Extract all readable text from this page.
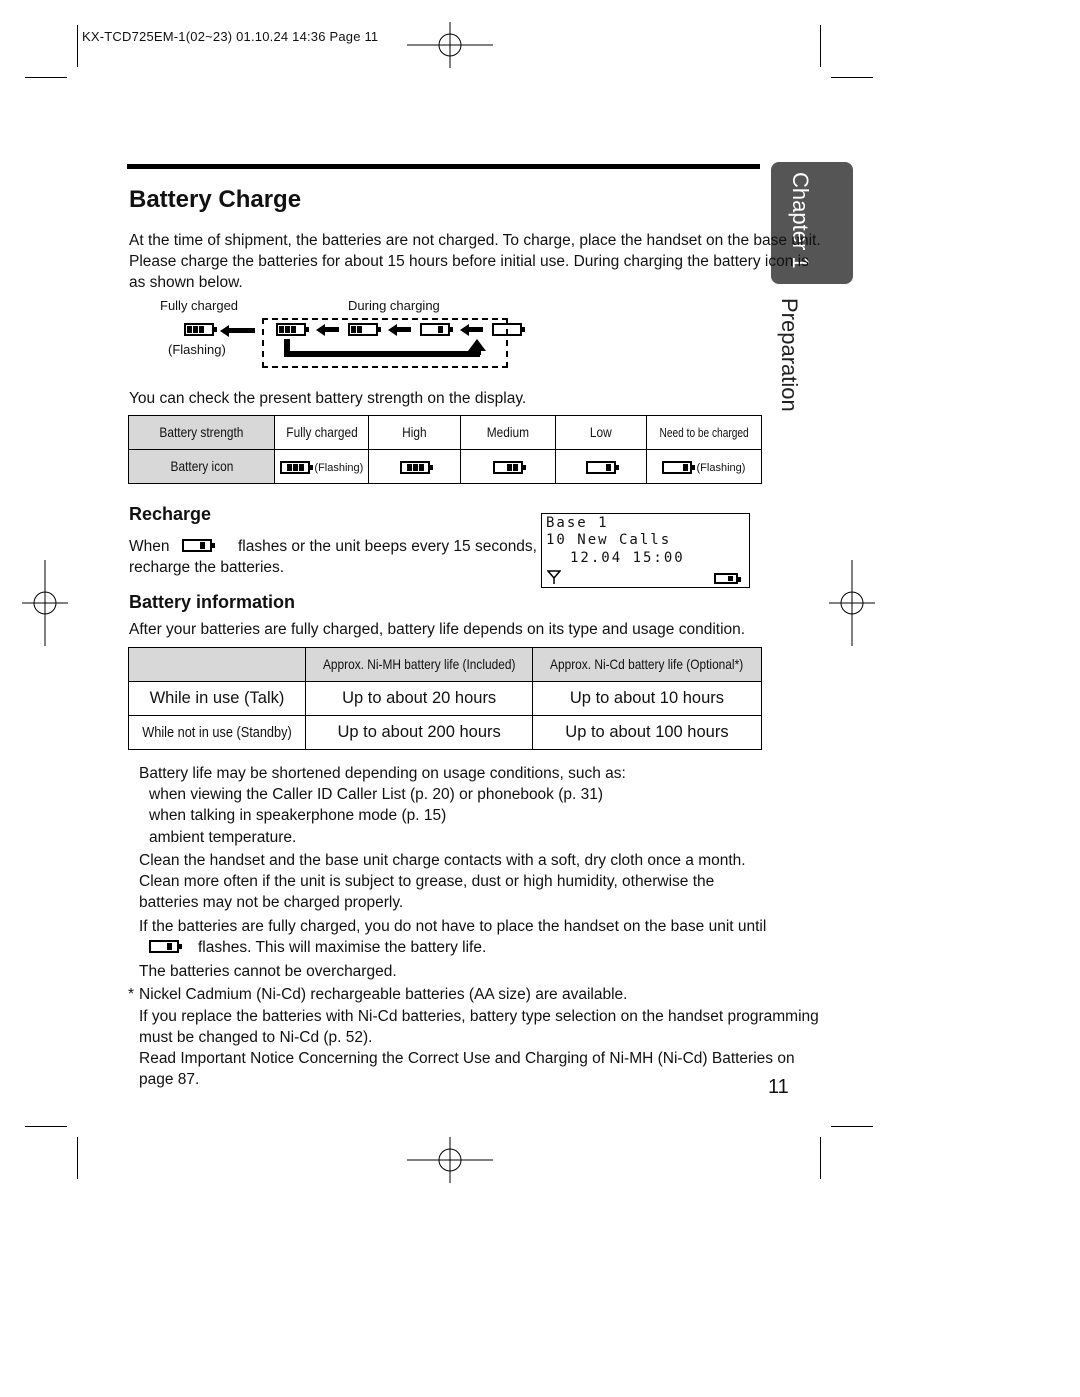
KX-TCD725EM-1(02~23) 01.10.24 14:36 Page 11
Chapter 1
Preparation
Battery Charge
At the time of shipment, the batteries are not charged. To charge, place the handset on the base unit.
Please charge the batteries for about 15 hours before initial use. During charging the battery icon is
as shown below.
Fully charged	During charging
(Flashing)

You can check the present battery strength on the display.
Battery strength	Fully charged	High	Medium	Low	Need to be charged
Battery icon	(Flashing)				(Flashing)
Recharge
When	flashes or the unit beeps every 15 seconds,
recharge the batteries.
Base 1
10 New Calls
12.04 15:00
Battery information
After your batteries are fully charged, battery life depends on its type and usage condition.
	Approx. Ni-MH battery life (Included)	Approx. Ni-Cd battery life (Optional*)
While in use (Talk)	Up to about 20 hours	Up to about 10 hours
While not in use (Standby)	Up to about 200 hours	Up to about 100 hours
Battery life may be shortened depending on usage conditions, such as:
when viewing the Caller ID Caller List (p. 20) or phonebook (p. 31)
when talking in speakerphone mode (p. 15)
ambient temperature.
Clean the handset and the base unit charge contacts with a soft, dry cloth once a month.
Clean more often if the unit is subject to grease, dust or high humidity, otherwise the
batteries may not be charged properly.
If the batteries are fully charged, you do not have to place the handset on the base unit until
flashes. This will maximise the battery life.
The batteries cannot be overcharged.
* Nickel Cadmium (Ni-Cd) rechargeable batteries (AA size) are available.
If you replace the batteries with Ni-Cd batteries, battery type selection on the handset programming
must be changed to Ni-Cd (p. 52).
Read Important Notice Concerning the Correct Use and Charging of Ni-MH (Ni-Cd) Batteries on
page 87.	11
